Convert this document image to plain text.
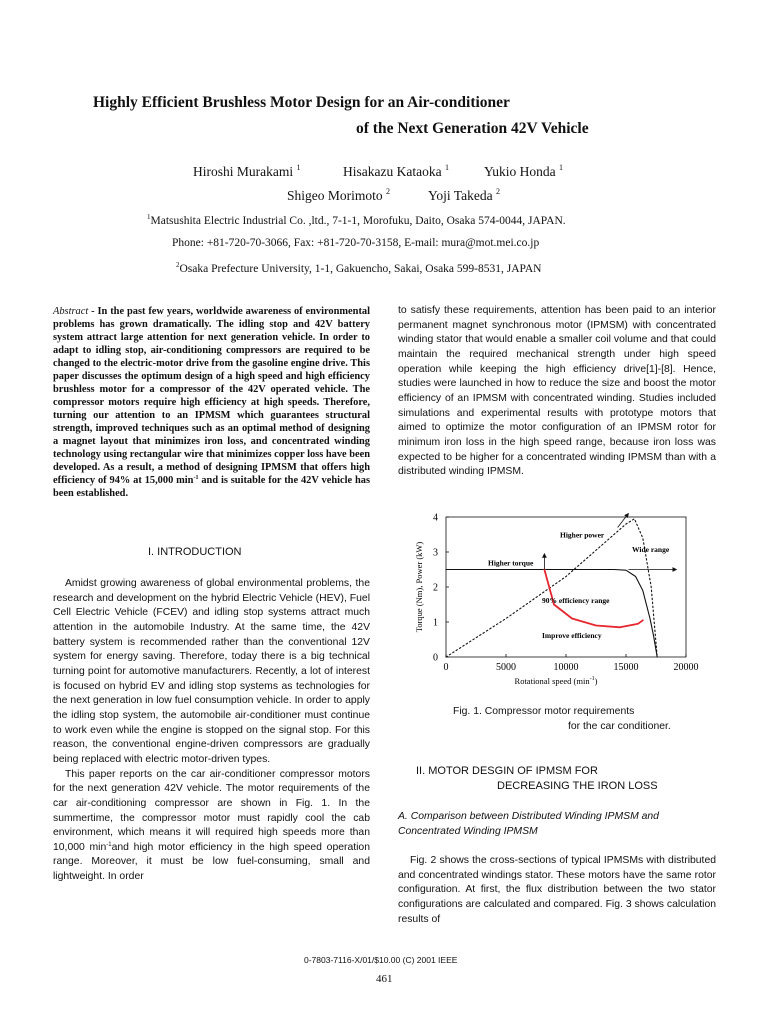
Highly Efficient Brushless Motor Design for an Air-conditioner
of the Next Generation 42V Vehicle
Hiroshi Murakami $^1$	Hisakazu Kataoka $^1$	Yukio Honda $^1$
Shigeo Morimoto $^2$	Yoji Takeda $^2$
$^1$Matsushita Electric Industrial Co. ,ltd., 7-1-1, Morofuku, Daito, Osaka 574-0044, JAPAN.
Phone: +81-720-70-3066, Fax: +81-720-70-3158, E-mail: mura@mot.mei.co.jp
$^2$Osaka Prefecture University, 1-1, Gakuencho, Sakai, Osaka 599-8531, JAPAN
Abstract - In the past few years, worldwide awareness of environmental problems has grown dramatically. The idling stop and 42V battery system attract large attention for next generation vehicle. In order to adapt to idling stop, air-conditioning compressors are required to be changed to the electric-motor drive from the gasoline engine drive. This paper discusses the optimum design of a high speed and high efficiency brushless motor for a compressor of the 42V operated vehicle. The compressor motors require high efficiency at high speeds. Therefore, turning our attention to an IPMSM which guarantees structural strength, improved techniques such as an optimal method of designing a magnet layout that minimizes iron loss, and concentrated winding technology using rectangular wire that minimizes copper loss have been developed. As a result, a method of designing IPMSM that offers high efficiency of 94% at 15,000 $\min^{-1}$ and is suitable for the 42V vehicle has been established.
I. INTRODUCTION

Amidst growing awareness of global environmental problems, the research and development on the hybrid Electric Vehicle (HEV), Fuel Cell Electric Vehicle (FCEV) and idling stop systems attract much attention in the automobile Industry. At the same time, the 42V battery system is recommended rather than the conventional 12V system for energy saving. Therefore, today there is a big technical turning point for automotive manufacturers. Recently, a lot of interest is focused on hybrid EV and idling stop systems as technologies for the next generation in low fuel consumption vehicle. In order to apply the idling stop system, the automobile air-conditioner must continue to work even while the engine is stopped on the signal stop. For this reason, the conventional engine-driven compressors are gradually being replaced with electric motor-driven types.

This paper reports on the car air-conditioner compressor motors for the next generation 42V vehicle. The motor requirements of the car air-conditioning compressor are shown in Fig. 1. In the summertime, the compressor motor must rapidly cool the cab environment, which means it will required high speeds more than 10,000 $\min^{-1}and$ high motor efficiency in the high speed operation range. Moreover, it must be low fuel-consuming, small and lightweight. In order

to satisfy these requirements, attention has been paid to an interior permanent magnet synchronous motor (IPMSM) with concentrated winding stator that would enable a smaller coil volume and that could maintain the required mechanical strength under high speed operation while keeping the high efficiency drive[1]-[8]. Hence, studies were launched in how to reduce the size and boost the motor efficiency of an IPMSM with concentrated winding. Studies included simulations and experimental results with prototype motors that aimed to optimize the motor configuration of an IPMSM rotor for minimum iron loss in the high speed range, because iron loss was expected to be higher for a concentrated winding IPMSM than with a distributed winding IPMSM.

0	5000	10000	15000	20000
0
1
2
3
4
Rotational speed $(\min^{-1})$
Torque (Nm), Power (kW)
Higher power
Wide range
Higher torque
90% efficiency range
Improve efficiency
Fig. 1. Compressor motor requirements
for the car conditioner.
II. MOTOR DESGIN OF IPMSM FOR
DECREASING THE IRON LOSS
A. Comparison between Distributed Winding IPMSM and Concentrated Winding IPMSM

Fig. 2 shows the cross-sections of typical IPMSMs with distributed and concentrated windings stator. These motors have the same rotor configuration. At first, the flux distribution between the two stator configurations are calculated and compared. Fig. 3 shows calculation results of

0-7803-7116-X/01/$10.00 (C) 2001 IEEE
461
